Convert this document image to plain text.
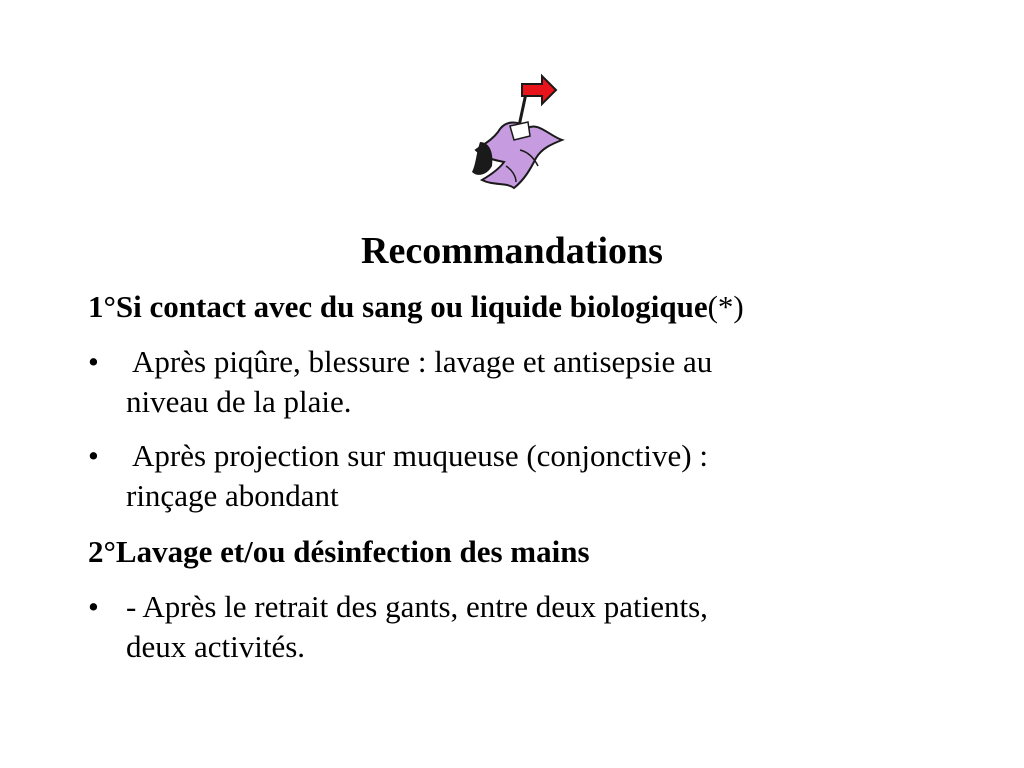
Recommandations
1°Si contact avec du sang ou liquide biologique(*)
• Après piqûre, blessure : lavage et antisepsie au
niveau de la plaie.
• Après projection sur muqueuse (conjonctive) :
rinçage abondant
2°Lavage et/ou désinfection des mains
• - Après le retrait des gants, entre deux patients,
deux activités.
